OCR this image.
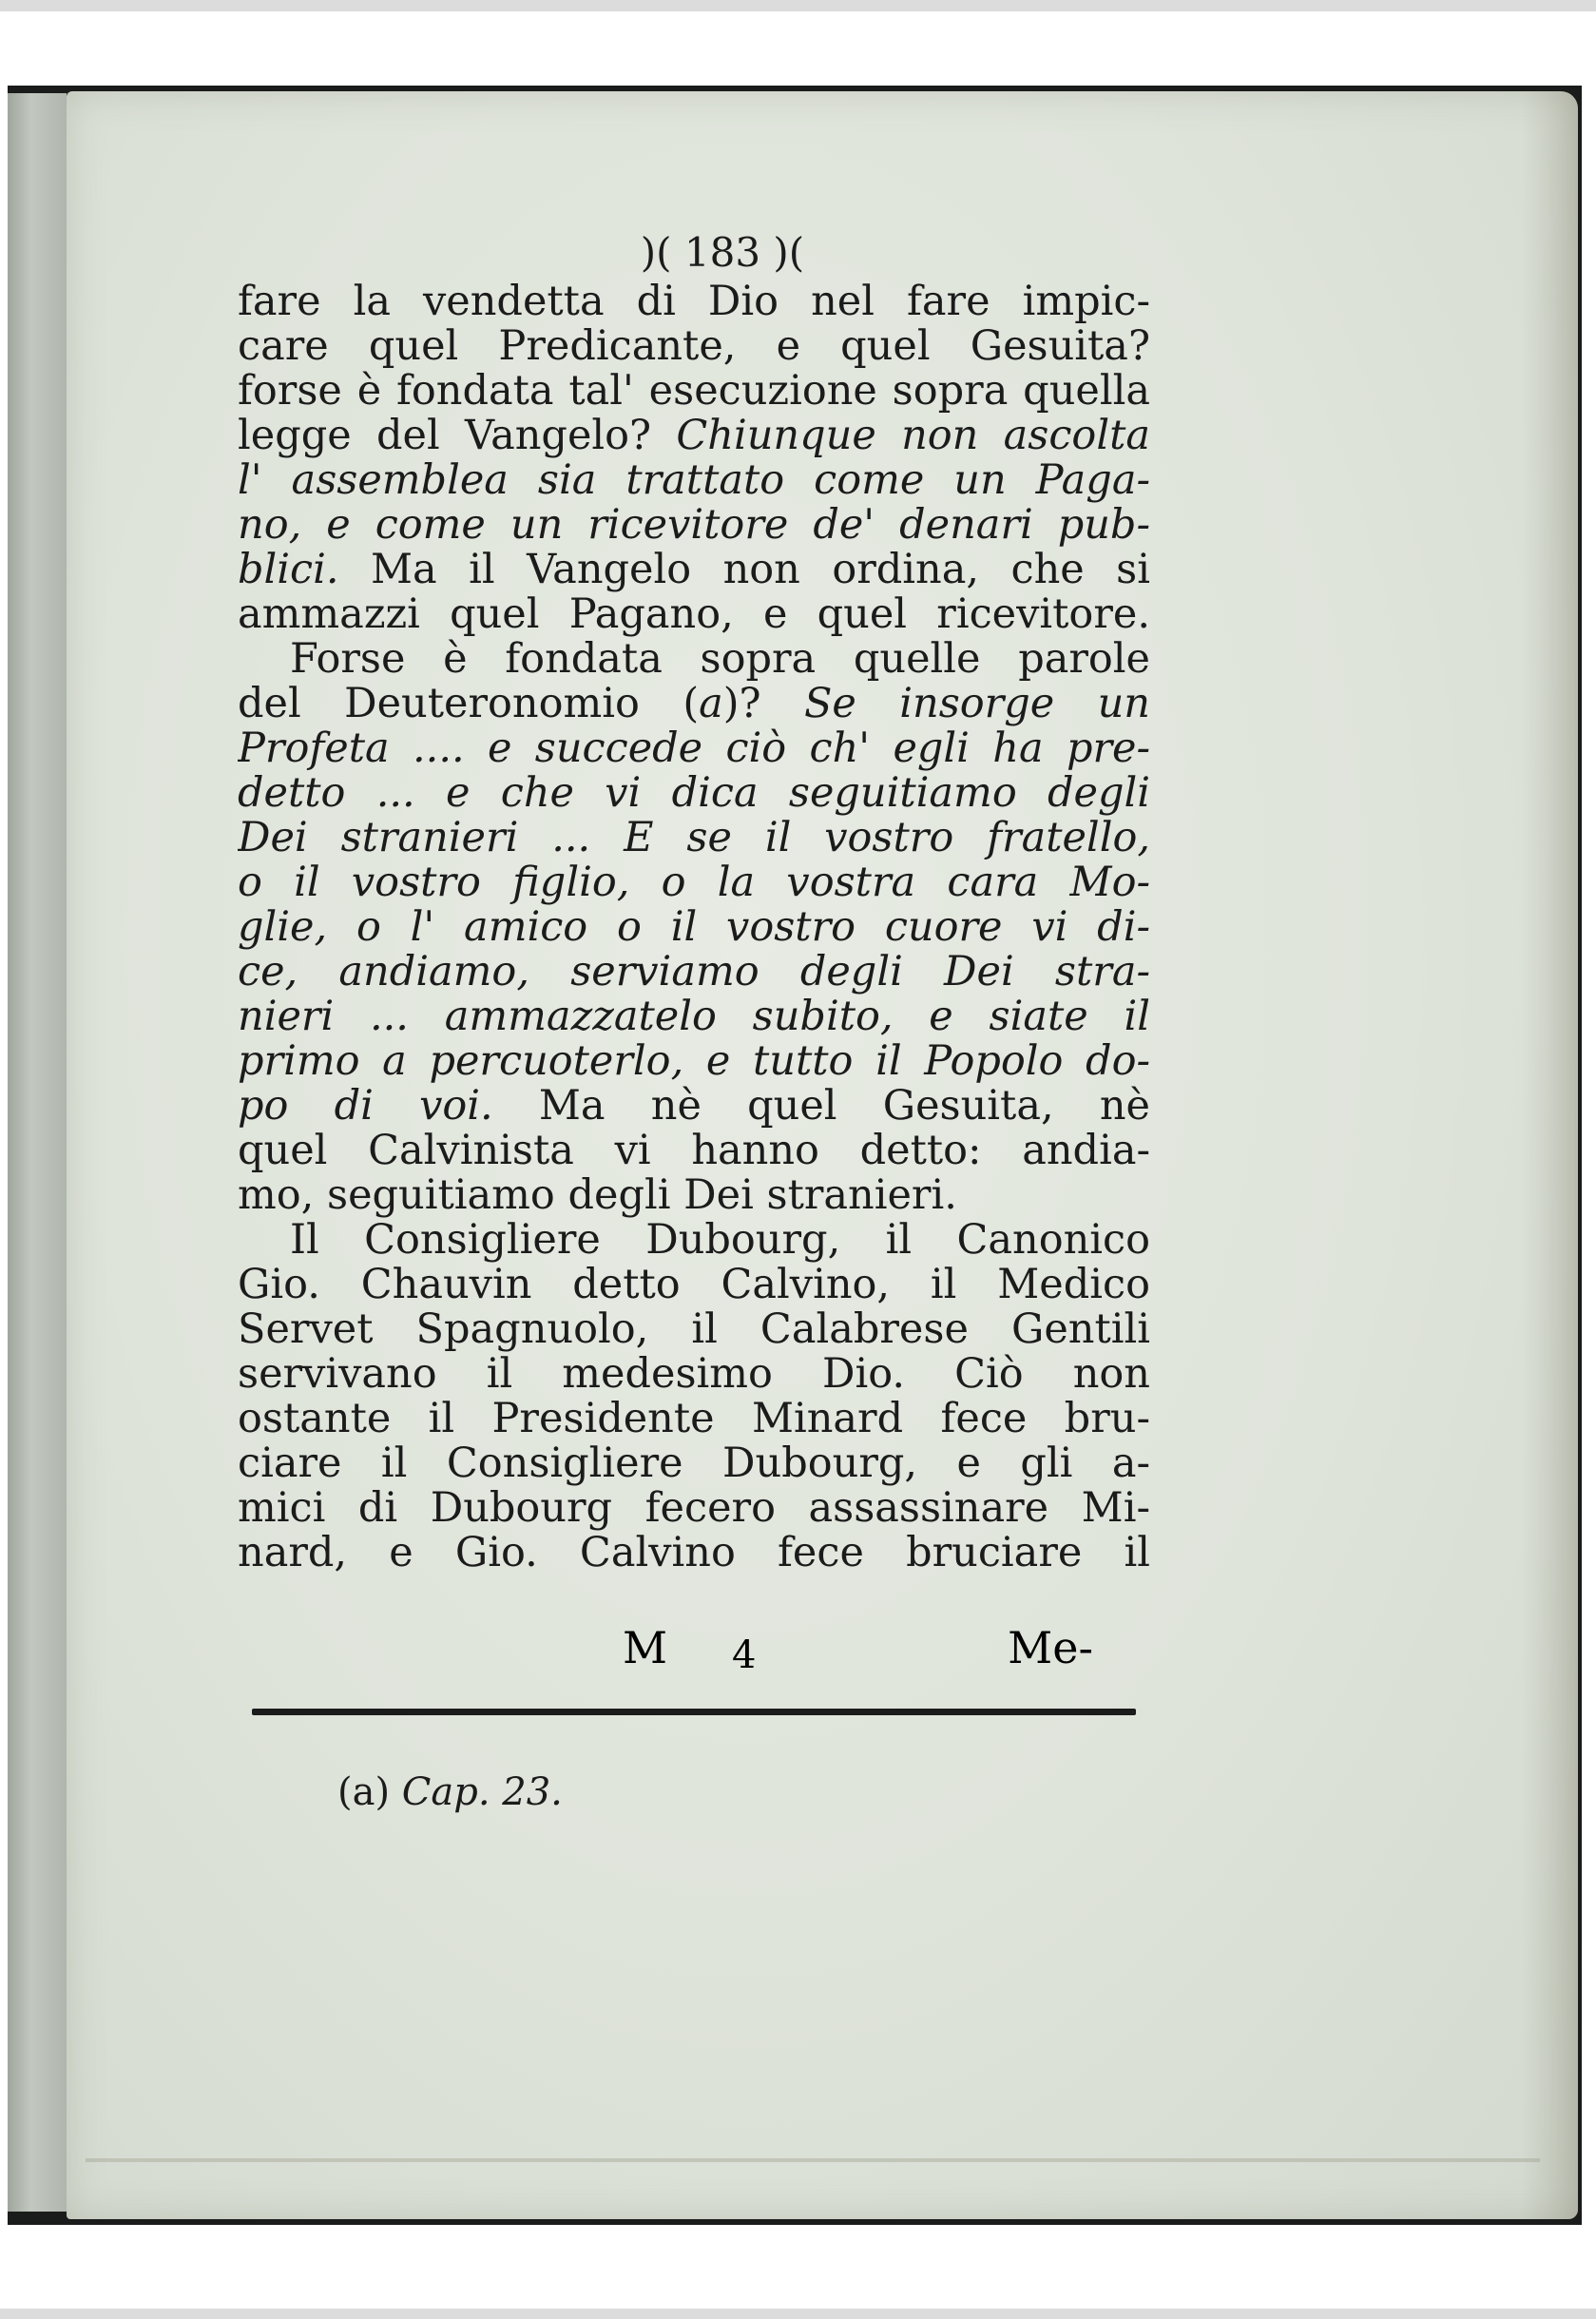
)( 183 )(
fare la vendetta di Dio nel fare impic-
care quel Predicante, e quel Gesuita?
forse è fondata tal' esecuzione sopra quella
legge del Vangelo? Chiunque non ascolta
l' assemblea sia trattato come un Paga-
no, e come un ricevitore de' denari pub-
blici. Ma il Vangelo non ordina, che si
ammazzi quel Pagano, e quel ricevitore.
Forse è fondata sopra quelle parole
del Deuteronomio (a)? Se insorge un
Profeta .... e succede ciò ch' egli ha pre-
detto ... e che vi dica seguitiamo degli
Dei stranieri ... E se il vostro fratello,
o il vostro figlio, o la vostra cara Mo-
glie, o l' amico o il vostro cuore vi di-
ce, andiamo, serviamo degli Dei stra-
nieri ... ammazzatelo subito, e siate il
primo a percuoterlo, e tutto il Popolo do-
po di voi. Ma nè quel Gesuita, nè
quel Calvinista vi hanno detto: andia-
mo, seguitiamo degli Dei stranieri.
Il Consigliere Dubourg, il Canonico
Gio. Chauvin detto Calvino, il Medico
Servet Spagnuolo, il Calabrese Gentili
servivano il medesimo Dio. Ciò non
ostante il Presidente Minard fece bru-
ciare il Consigliere Dubourg, e gli a-
mici di Dubourg fecero assassinare Mi-
nard, e Gio. Calvino fece bruciare il
M 4	Me-
(a) Cap. 23.
